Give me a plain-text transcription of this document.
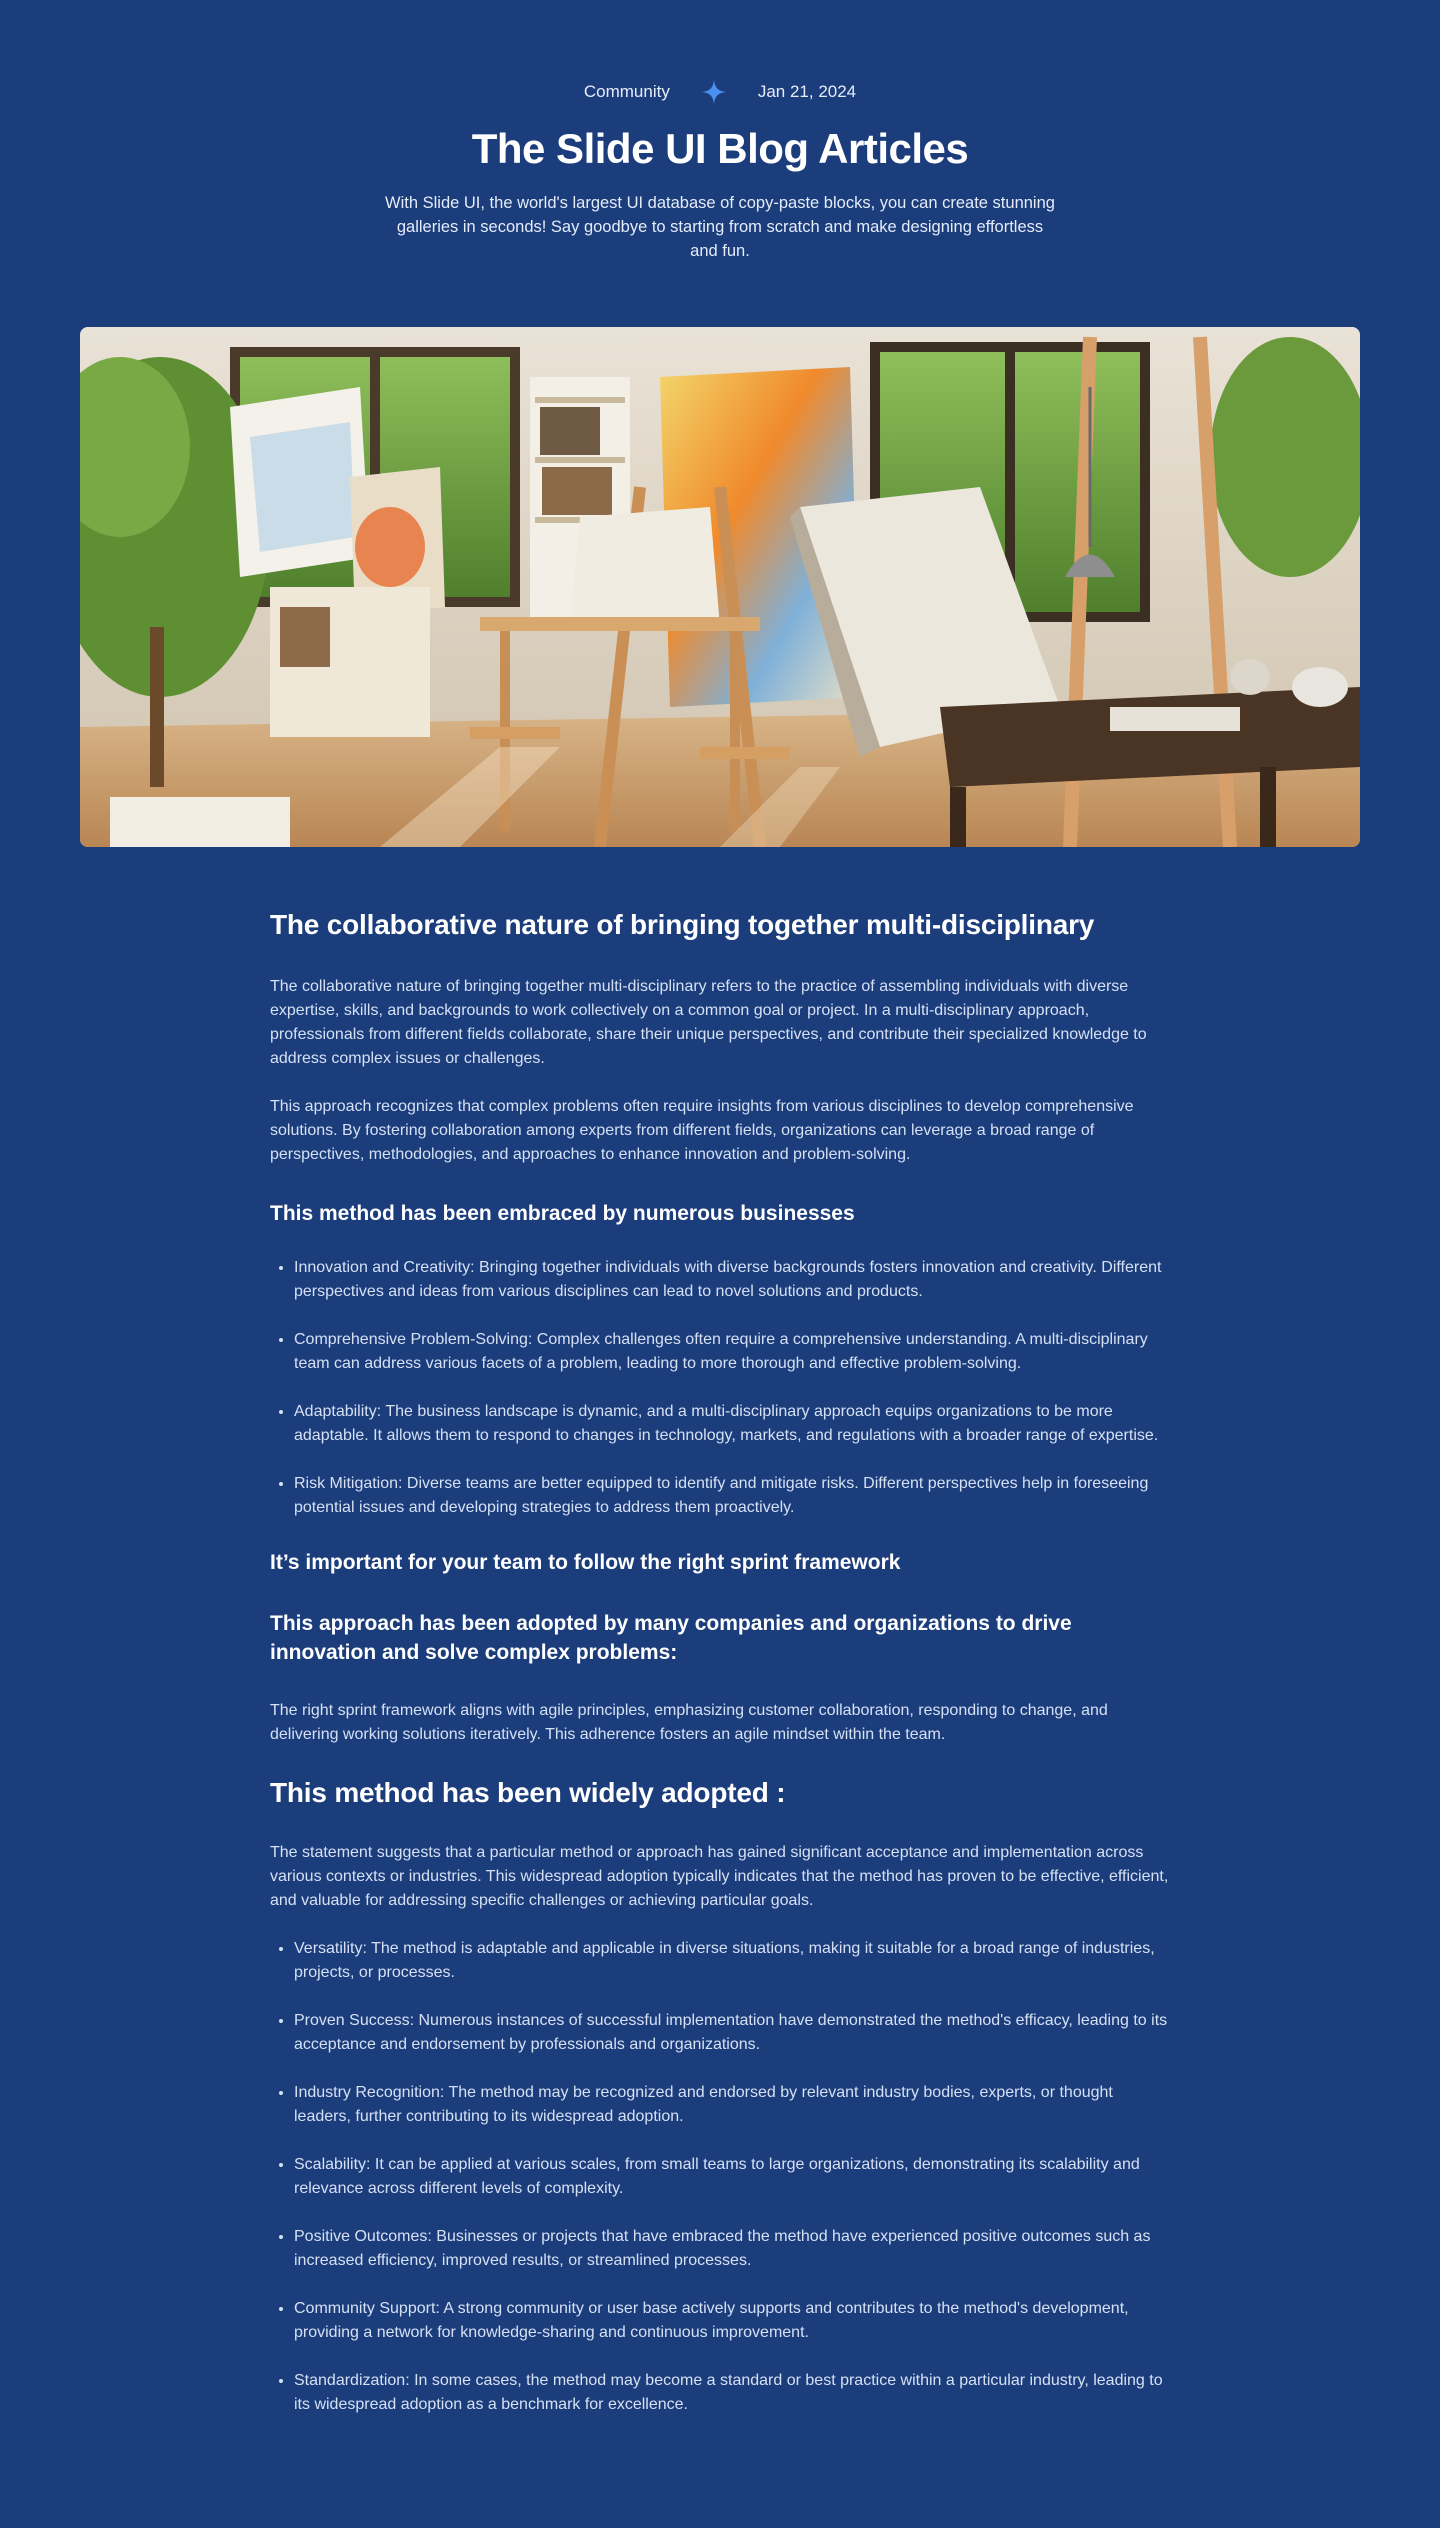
Community	Jan 21, 2024
The Slide UI Blog Articles

With Slide UI, the world's largest UI database of copy-paste blocks, you can create stunning galleries in seconds! Say goodbye to starting from scratch and make designing effortless and fun.

The collaborative nature of bringing together multi-disciplinary

The collaborative nature of bringing together multi-disciplinary refers to the practice of assembling individuals with diverse expertise, skills, and backgrounds to work collectively on a common goal or project. In a multi-disciplinary approach, professionals from different fields collaborate, share their unique perspectives, and contribute their specialized knowledge to address complex issues or challenges.

This approach recognizes that complex problems often require insights from various disciplines to develop comprehensive solutions. By fostering collaboration among experts from different fields, organizations can leverage a broad range of perspectives, methodologies, and approaches to enhance innovation and problem-solving.

This method has been embraced by numerous businesses
• Innovation and Creativity: Bringing together individuals with diverse backgrounds fosters innovation and creativity. Different perspectives and ideas from various disciplines can lead to novel solutions and products.
• Comprehensive Problem-Solving: Complex challenges often require a comprehensive understanding. A multi-disciplinary team can address various facets of a problem, leading to more thorough and effective problem-solving.
• Adaptability: The business landscape is dynamic, and a multi-disciplinary approach equips organizations to be more adaptable. It allows them to respond to changes in technology, markets, and regulations with a broader range of expertise.
• Risk Mitigation: Diverse teams are better equipped to identify and mitigate risks. Different perspectives help in foreseeing potential issues and developing strategies to address them proactively.
It’s important for your team to follow the right sprint framework
This approach has been adopted by many companies and organizations to drive innovation and solve complex problems:

The right sprint framework aligns with agile principles, emphasizing customer collaboration, responding to change, and delivering working solutions iteratively. This adherence fosters an agile mindset within the team.

This method has been widely adopted :

The statement suggests that a particular method or approach has gained significant acceptance and implementation across various contexts or industries. This widespread adoption typically indicates that the method has proven to be effective, efficient, and valuable for addressing specific challenges or achieving particular goals.

• Versatility: The method is adaptable and applicable in diverse situations, making it suitable for a broad range of industries, projects, or processes.
• Proven Success: Numerous instances of successful implementation have demonstrated the method's efficacy, leading to its acceptance and endorsement by professionals and organizations.
• Industry Recognition: The method may be recognized and endorsed by relevant industry bodies, experts, or thought leaders, further contributing to its widespread adoption.
• Scalability: It can be applied at various scales, from small teams to large organizations, demonstrating its scalability and relevance across different levels of complexity.
• Positive Outcomes: Businesses or projects that have embraced the method have experienced positive outcomes such as increased efficiency, improved results, or streamlined processes.
• Community Support: A strong community or user base actively supports and contributes to the method's development, providing a network for knowledge-sharing and continuous improvement.
• Standardization: In some cases, the method may become a standard or best practice within a particular industry, leading to its widespread adoption as a benchmark for excellence.
